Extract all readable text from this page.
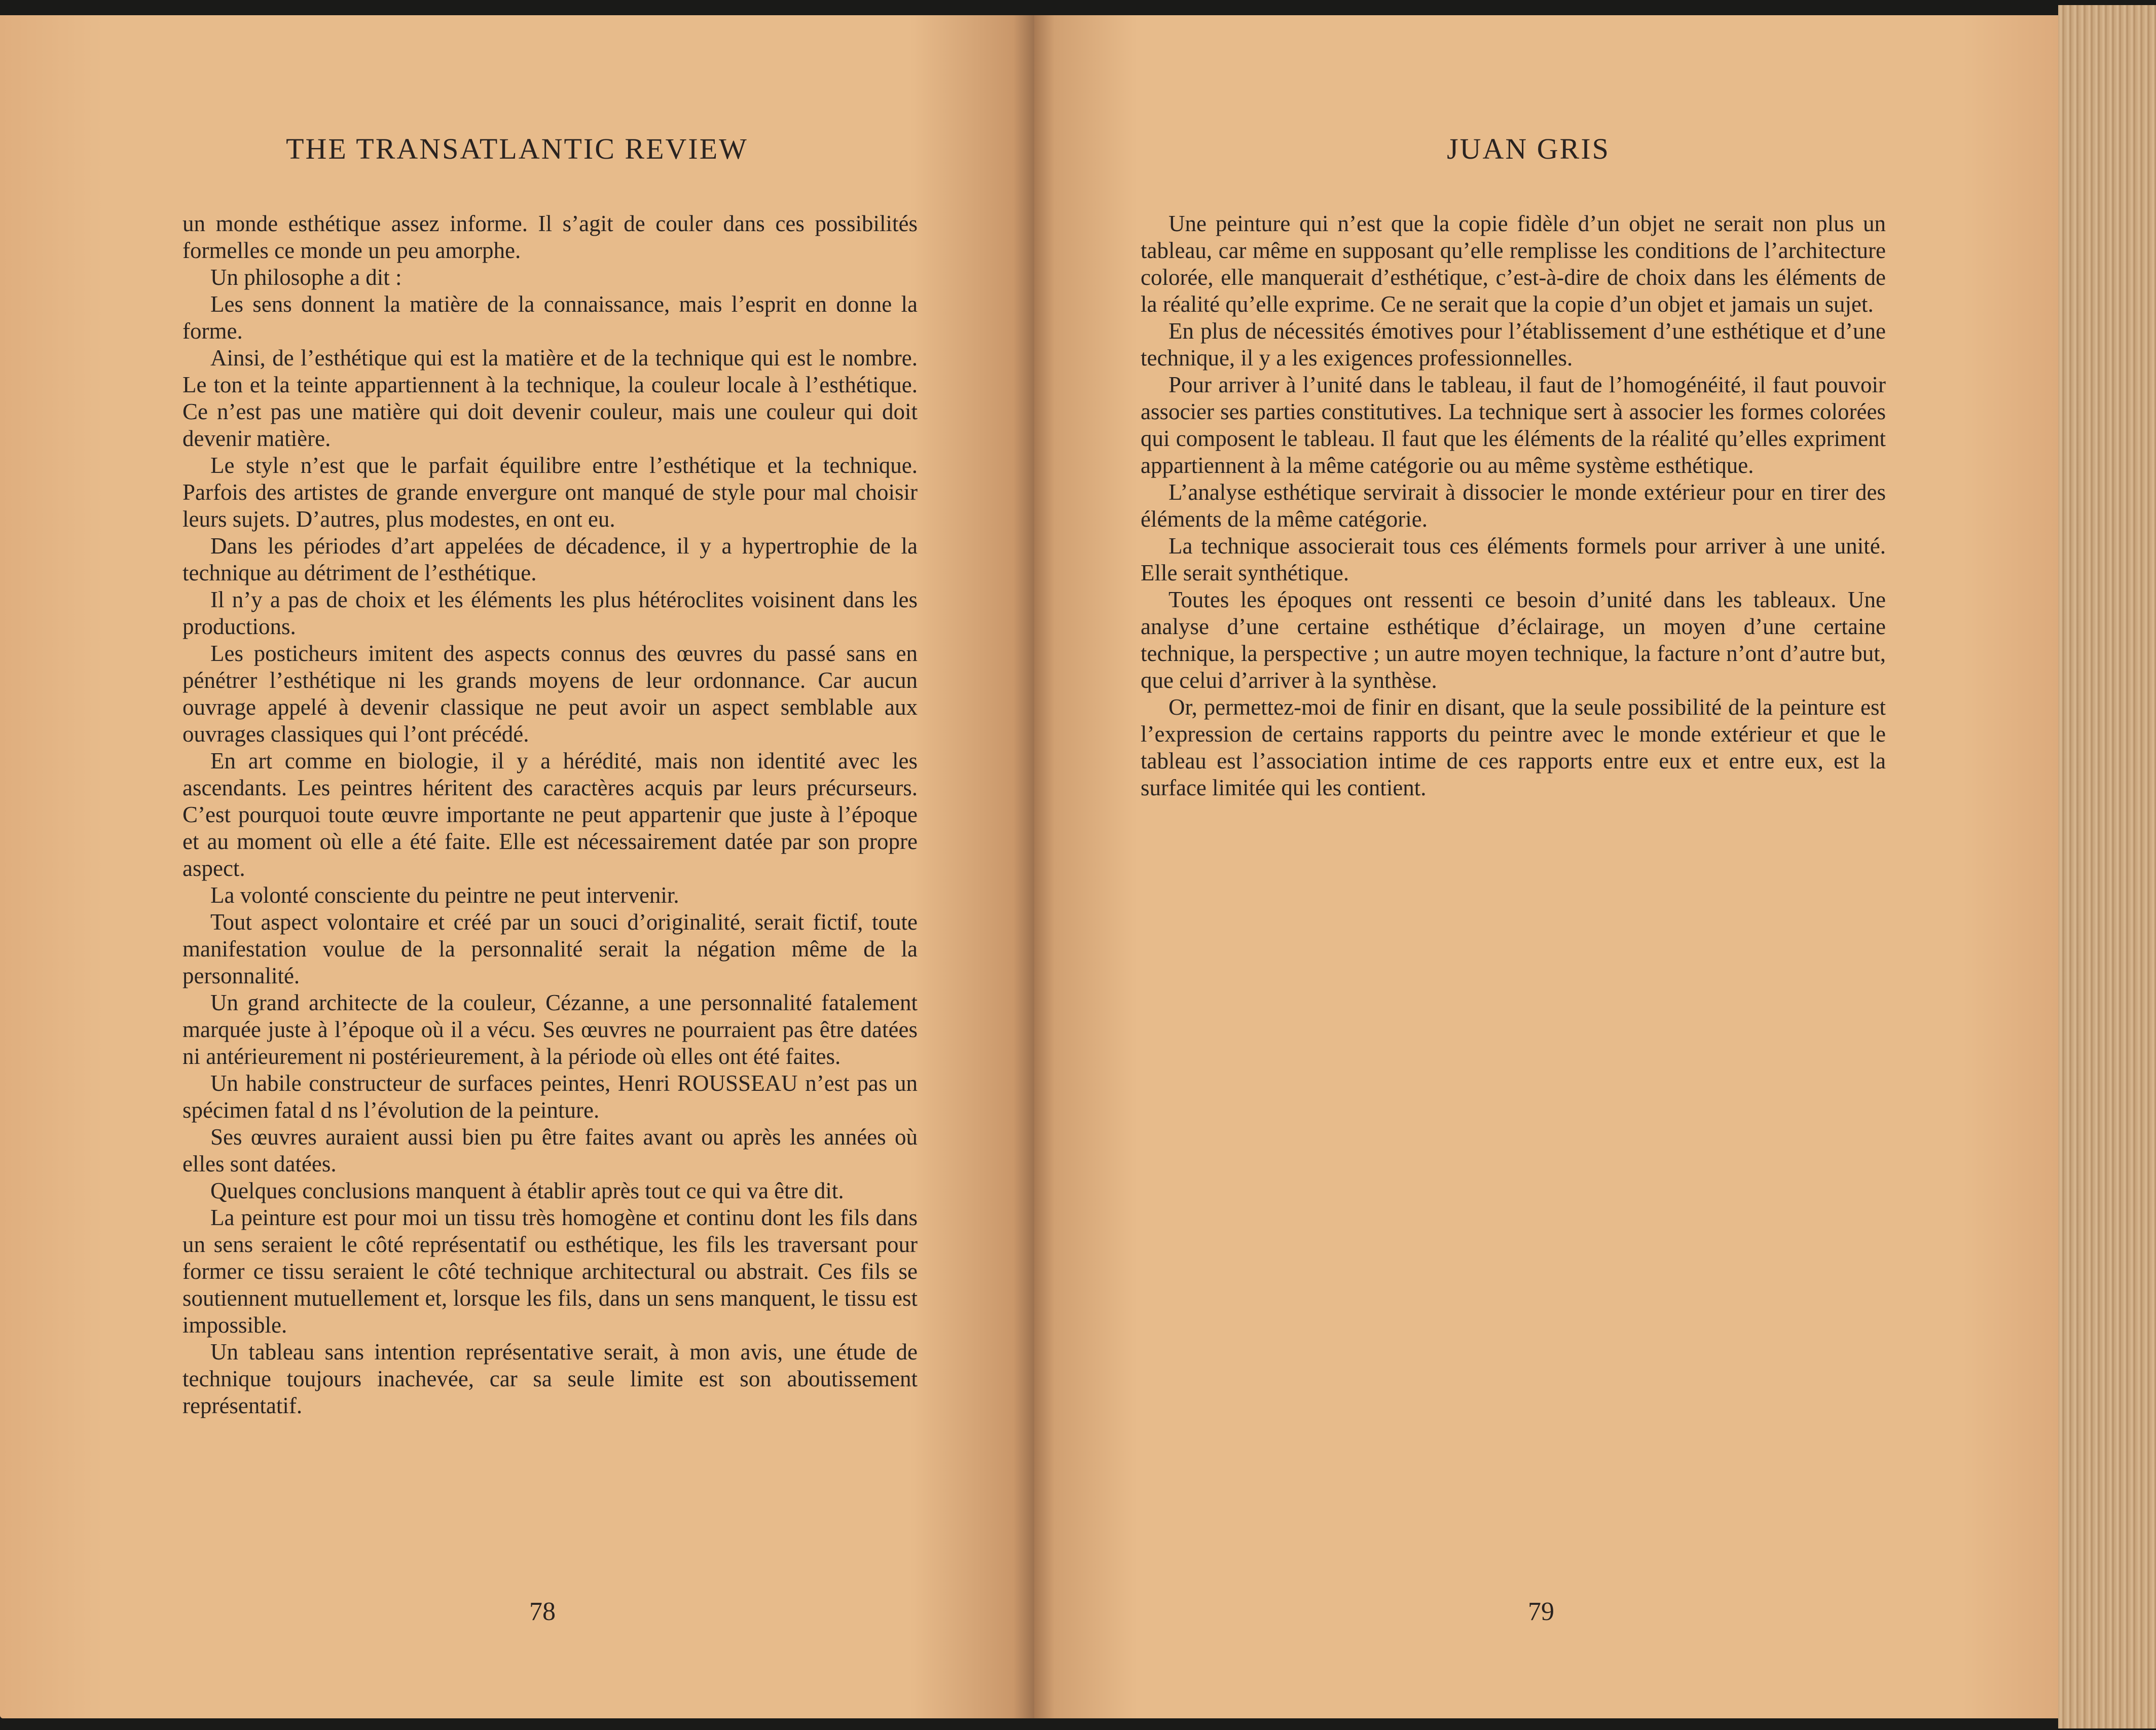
THE TRANSATLANTIC REVIEW

un monde esthétique assez informe. Il s’agit de couler dans ces possibilités formelles ce monde un peu amorphe.

Un philosophe a dit :

Les sens donnent la matière de la connaissance, mais l’esprit en donne la forme.

Ainsi, de l’esthétique qui est la matière et de la technique qui est le nombre. Le ton et la teinte appartiennent à la technique, la couleur locale à l’esthétique. Ce n’est pas une matière qui doit devenir couleur, mais une couleur qui doit devenir matière.

Le style n’est que le parfait équilibre entre l’esthétique et la technique. Parfois des artistes de grande envergure ont manqué de style pour mal choisir leurs sujets. D’autres, plus modestes, en ont eu.

Dans les périodes d’art appelées de décadence, il y a hypertrophie de la technique au détriment de l’esthétique.

Il n’y a pas de choix et les éléments les plus hétéroclites voisinent dans les productions.

Les posticheurs imitent des aspects connus des œuvres du passé sans en pénétrer l’esthétique ni les grands moyens de leur ordonnance. Car aucun ouvrage appelé à devenir classique ne peut avoir un aspect semblable aux ouvrages classiques qui l’ont précédé.

En art comme en biologie, il y a hérédité, mais non identité avec les ascendants. Les peintres héritent des caractères acquis par leurs précurseurs. C’est pourquoi toute œuvre importante ne peut appartenir que juste à l’époque et au moment où elle a été faite. Elle est nécessairement datée par son propre aspect.

La volonté consciente du peintre ne peut intervenir.

Tout aspect volontaire et créé par un souci d’originalité, serait fictif, toute manifestation voulue de la personnalité serait la négation même de la personnalité.

Un grand architecte de la couleur, Cézanne, a une personnalité fatalement marquée juste à l’époque où il a vécu. Ses œuvres ne pourraient pas être datées ni antérieurement ni postérieurement, à la période où elles ont été faites.

Un habile constructeur de surfaces peintes, Henri ROUSSEAU n’est pas un spécimen fatal d ns l’évolution de la peinture.

Ses œuvres auraient aussi bien pu être faites avant ou après les années où elles sont datées.

Quelques conclusions manquent à établir après tout ce qui va être dit.

La peinture est pour moi un tissu très homogène et continu dont les fils dans un sens seraient le côté représentatif ou esthétique, les fils les traversant pour former ce tissu seraient le côté technique architectural ou abstrait. Ces fils se soutiennent mutuellement et, lorsque les fils, dans un sens manquent, le tissu est impossible.

Un tableau sans intention représentative serait, à mon avis, une étude de technique toujours inachevée, car sa seule limite est son aboutissement représentatif.

78
JUAN GRIS

Une peinture qui n’est que la copie fidèle d’un objet ne serait non plus un tableau, car même en supposant qu’elle remplisse les conditions de l’architecture colorée, elle manquerait d’esthétique, c’est-à-dire de choix dans les éléments de la réalité qu’elle exprime. Ce ne serait que la copie d’un objet et jamais un sujet.

En plus de nécessités émotives pour l’établissement d’une esthétique et d’une technique, il y a les exigences professionnelles.

Pour arriver à l’unité dans le tableau, il faut de l’homogénéité, il faut pouvoir associer ses parties constitutives. La technique sert à associer les formes colorées qui composent le tableau. Il faut que les éléments de la réalité qu’elles expriment appartiennent à la même catégorie ou au même système esthétique.

L’analyse esthétique servirait à dissocier le monde extérieur pour en tirer des éléments de la même catégorie.

La technique associerait tous ces éléments formels pour arriver à une unité. Elle serait synthétique.

Toutes les époques ont ressenti ce besoin d’unité dans les tableaux. Une analyse d’une certaine esthétique d’éclairage, un moyen d’une certaine technique, la perspective ; un autre moyen technique, la facture n’ont d’autre but, que celui d’arriver à la synthèse.

Or, permettez-moi de finir en disant, que la seule possibilité de la peinture est l’expression de certains rapports du peintre avec le monde extérieur et que le tableau est l’association intime de ces rapports entre eux et entre eux, est la surface limitée qui les contient.

79
